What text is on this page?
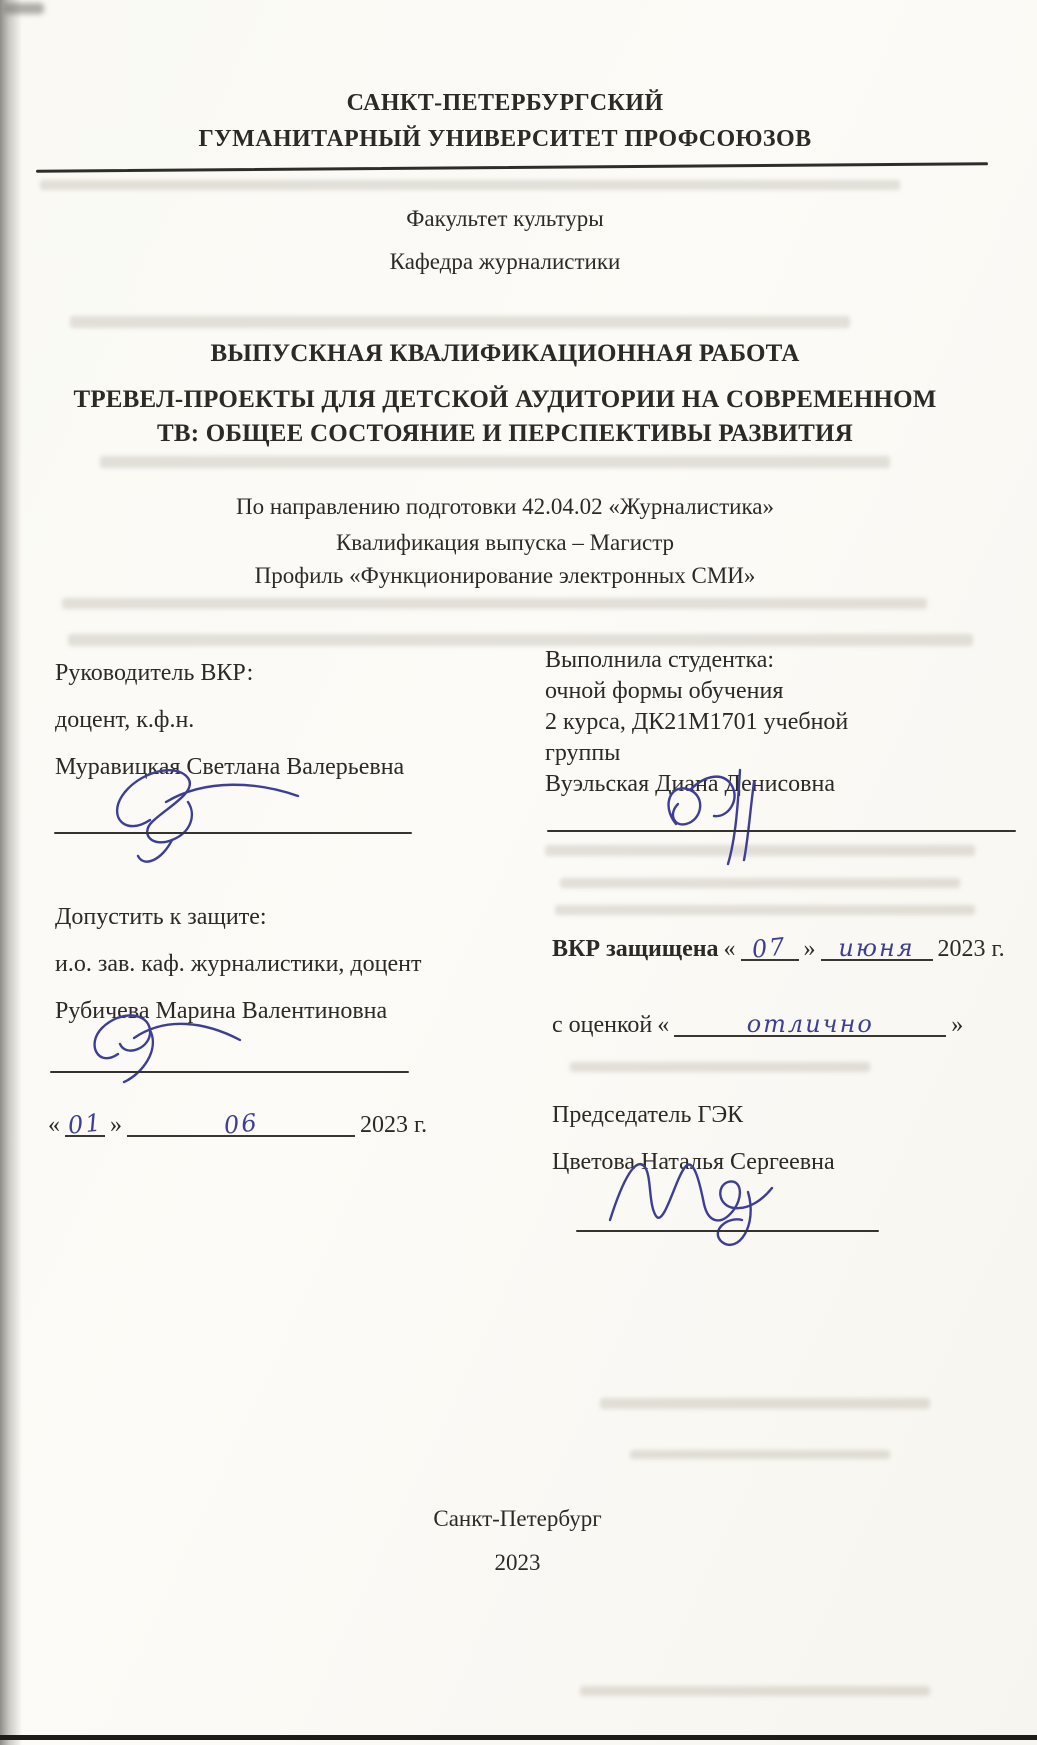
САНКТ-ПЕТЕРБУРГСКИЙ
ГУМАНИТАРНЫЙ УНИВЕРСИТЕТ ПРОФСОЮЗОВ
Факультет культуры
Кафедра журналистики
ВЫПУСКНАЯ КВАЛИФИКАЦИОННАЯ РАБОТА
ТРЕВЕЛ-ПРОЕКТЫ ДЛЯ ДЕТСКОЙ АУДИТОРИИ НА СОВРЕМЕННОМ
ТВ: ОБЩЕЕ СОСТОЯНИЕ И ПЕРСПЕКТИВЫ РАЗВИТИЯ
По направлению подготовки 42.04.02 «Журналистика»
Квалификация выпуска – Магистр
Профиль «Функционирование электронных СМИ»
Руководитель ВКР:
доцент, к.ф.н.
Муравицкая Светлана Валерьевна
Выполнила студентка:
очной формы обучения
2 курса, ДК21М1701 учебной
группы
Вуэльская Диана Денисовна
Допустить к защите:
и.о. зав. каф. журналистики, доцент
Рубичева Марина Валентиновна
« 01 »	06	2023 г.
ВКР защищена « 07 » июня 2023 г.
с оценкой «	отлично	»
Председатель ГЭК
Цветова Наталья Сергеевна
Санкт-Петербург
2023
